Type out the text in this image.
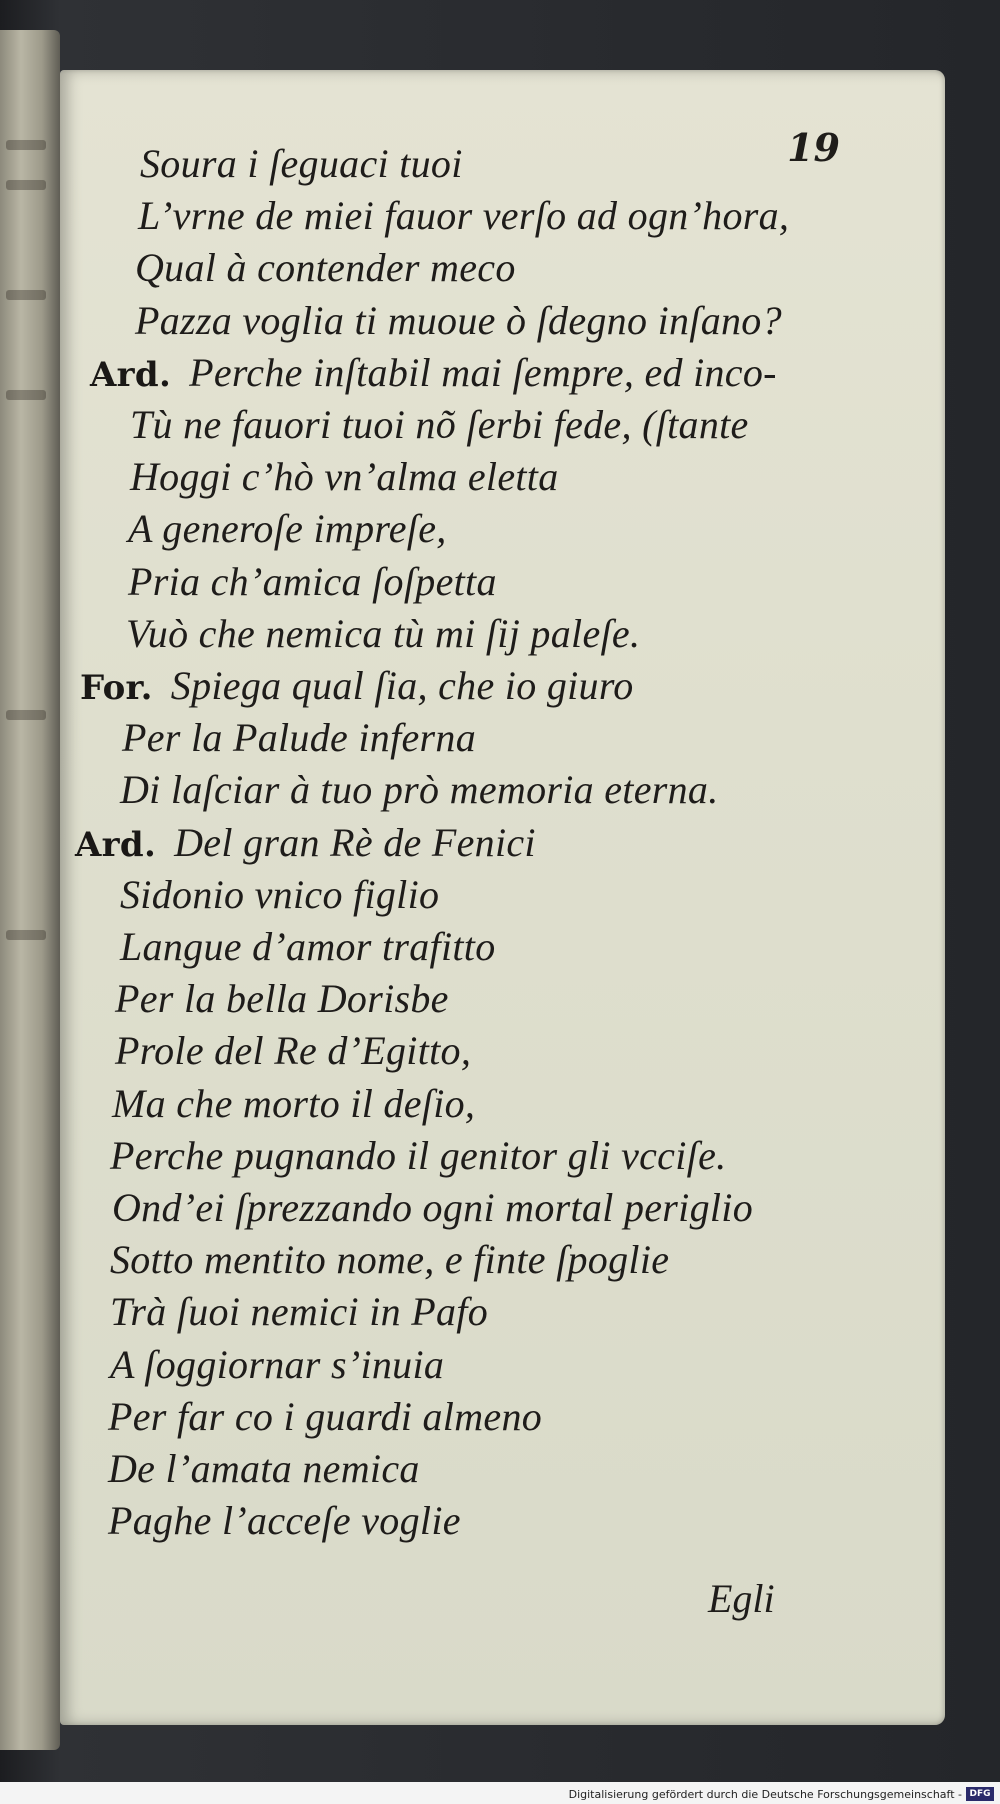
19
Soura i ſeguaci tuoi
L’vrne de miei fauor verſo ad ogn’hora,
Qual à contender meco
Pazza voglia ti muoue ò ſdegno inſano?
Ard. Perche inſtabil mai ſempre, ed inco-
Tù ne fauori tuoi nõ ſerbi fede, (ſtante
Hoggi c’hò vn’alma eletta
A generoſe impreſe,
Pria ch’amica ſoſpetta
Vuò che nemica tù mi ſij paleſe.
For. Spiega qual ſia, che io giuro
Per la Palude inferna
Di laſciar à tuo prò memoria eterna.
Ard. Del gran Rè de Fenici
Sidonio vnico figlio
Langue d’amor trafitto
Per la bella Dorisbe
Prole del Re d’Egitto,
Ma che morto il deſio,
Perche pugnando il genitor gli vcciſe.
Ond’ei ſprezzando ogni mortal periglio
Sotto mentito nome, e finte ſpoglie
Trà ſuoi nemici in Pafo
A ſoggiornar s’inuia
Per far co i guardi almeno
De l’amata nemica
Paghe l’acceſe voglie
Egli
Digitalisierung gefördert durch die Deutsche Forschungsgemeinschaft - DFG
